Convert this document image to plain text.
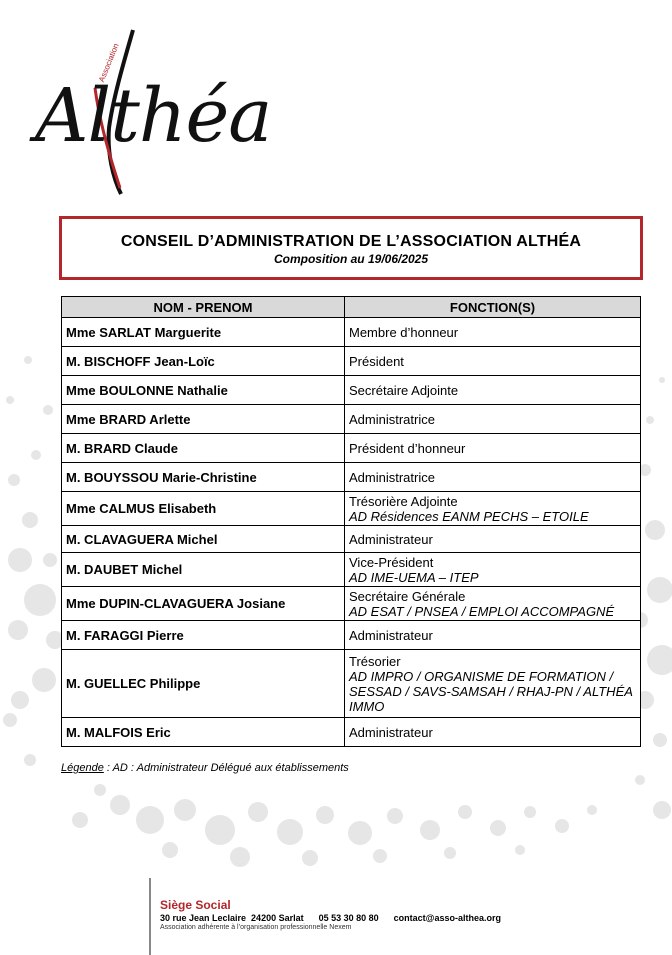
Association
Althéa
CONSEIL D’ADMINISTRATION DE L’ASSOCIATION ALTHÉA
Composition au 19/06/2025
NOM - PRENOM	FONCTION(S)
Mme SARLAT Marguerite	Membre d’honneur

M. BISCHOFF Jean-Loïc	Président

Mme BOULONNE Nathalie	Secrétaire Adjointe

Mme BRARD Arlette	Administratrice

M. BRARD Claude	Président d’honneur

M. BOUYSSOU Marie-Christine	Administratrice

Mme CALMUS Elisabeth	Trésorière Adjointe
AD Résidences EANM PECHS – ETOILE

M. CLAVAGUERA Michel	Administrateur

M. DAUBET Michel	Vice-Président
AD IME-UEMA – ITEP

Mme DUPIN-CLAVAGUERA Josiane	Secrétaire Générale
AD ESAT / PNSEA / EMPLOI ACCOMPAGNÉ

M. FARAGGI Pierre	Administrateur

M. GUELLEC Philippe	Trésorier
AD IMPRO / ORGANISME DE FORMATION / SESSAD / SAVS-SAMSAH / RHAJ-PN / ALTHÉA IMMO

M. MALFOIS Eric	Administrateur
Légende : AD : Administrateur Délégué aux établissements
Siège Social
30 rue Jean Leclaire  24200 Sarlat      05 53 30 80 80      contact@asso-althea.org
Association adhérente à l’organisation professionnelle Nexem
